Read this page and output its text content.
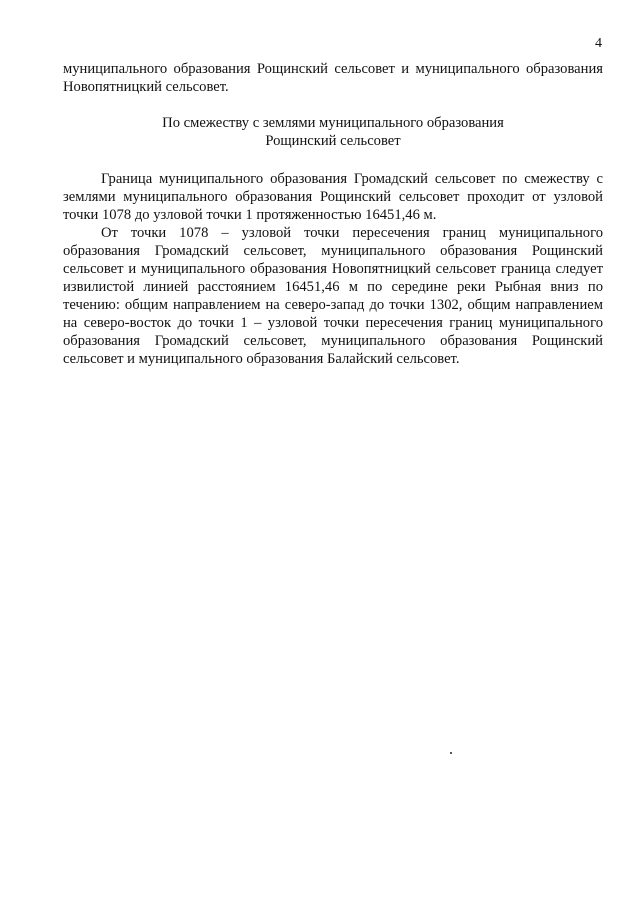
4

муниципального образования Рощинский сельсовет и муниципального образования Новопятницкий сельсовет.

По смежеству с землями муниципального образования
Рощинский сельсовет

Граница муниципального образования Громадский сельсовет по смежеству с землями муниципального образования Рощинский сельсовет проходит от узловой точки 1078 до узловой точки 1 протяженностью 16451,46 м.

От точки 1078 – узловой точки пересечения границ муниципального образования Громадский сельсовет, муниципального образования Рощинский сельсовет и муниципального образования Новопятницкий сельсовет граница следует извилистой линией расстоянием 16451,46 м по середине реки Рыбная вниз по течению: общим направлением на северо-запад до точки 1302, общим направлением на северо-восток до точки 1 – узловой точки пересечения границ муниципального образования Громадский сельсовет, муниципального образования Рощинский сельсовет и муниципального образования Балайский сельсовет.
